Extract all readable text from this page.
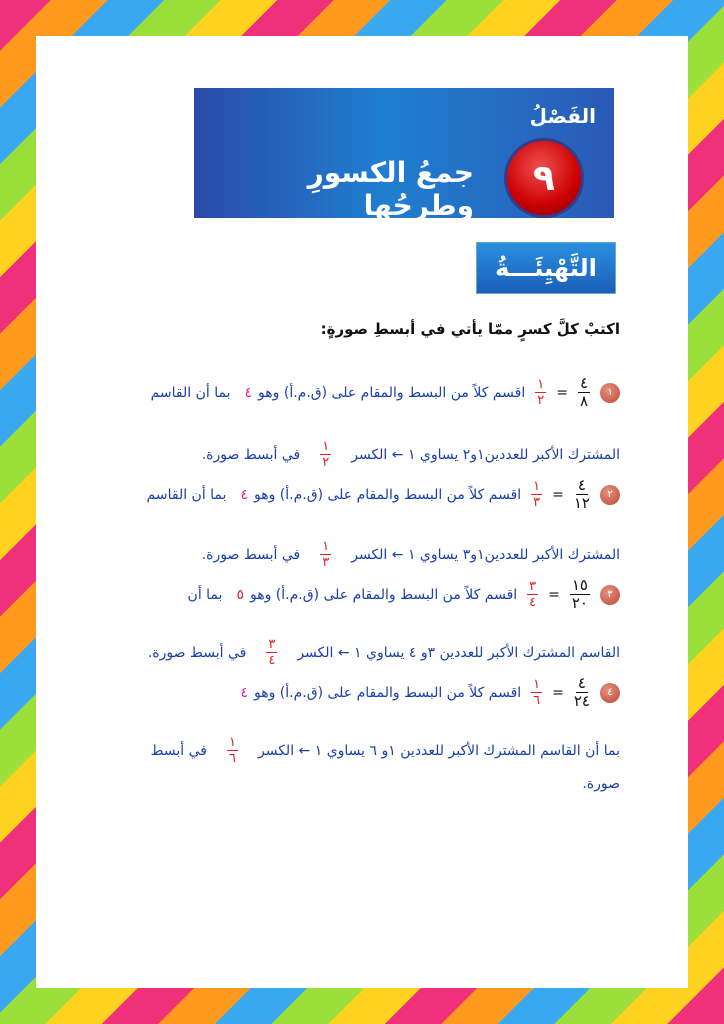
الفَصْلُ
٩
جمعُ الكسورِ وطرحُها
التَّهْيِئَـــةُ
اكتبْ كلَّ كسرٍ ممّا يأتي في أبسطِ صورةٍ:
١
$\frac{٤}{٨}$
=
$\frac{١}{٢}$
اقسم كلاً من البسط والمقام على (ق.م.أ) وهو
٤
بما أن القاسم
المشترك الأكبر للعددين١و٢ يساوي ١ ← الكسر
$\frac{١}{٢}$
في أبسط صورة.
٢
$\frac{٤}{١٢}$
=
$\frac{١}{٣}$
اقسم كلاً من البسط والمقام على (ق.م.أ) وهو
٤
بما أن القاسم
المشترك الأكبر للعددين١و٣ يساوي ١ ← الكسر
$\frac{١}{٣}$
في أبسط صورة.
٣
$\frac{١٥}{٢٠}$
=
$\frac{٣}{٤}$
اقسم كلاً من البسط والمقام على (ق.م.أ) وهو
٥
بما أن
القاسم المشترك الأكبر للعددين ٣و ٤ يساوي ١ ← الكسر
$\frac{٣}{٤}$
في أبسط صورة.
٤
$\frac{٤}{٢٤}$
=
$\frac{١}{٦}$
اقسم كلاً من البسط والمقام على (ق.م.أ) وهو
٤
بما أن القاسم المشترك الأكبر للعددين ١و ٦ يساوي ١ ← الكسر
$\frac{١}{٦}$
في أبسط
صورة.
